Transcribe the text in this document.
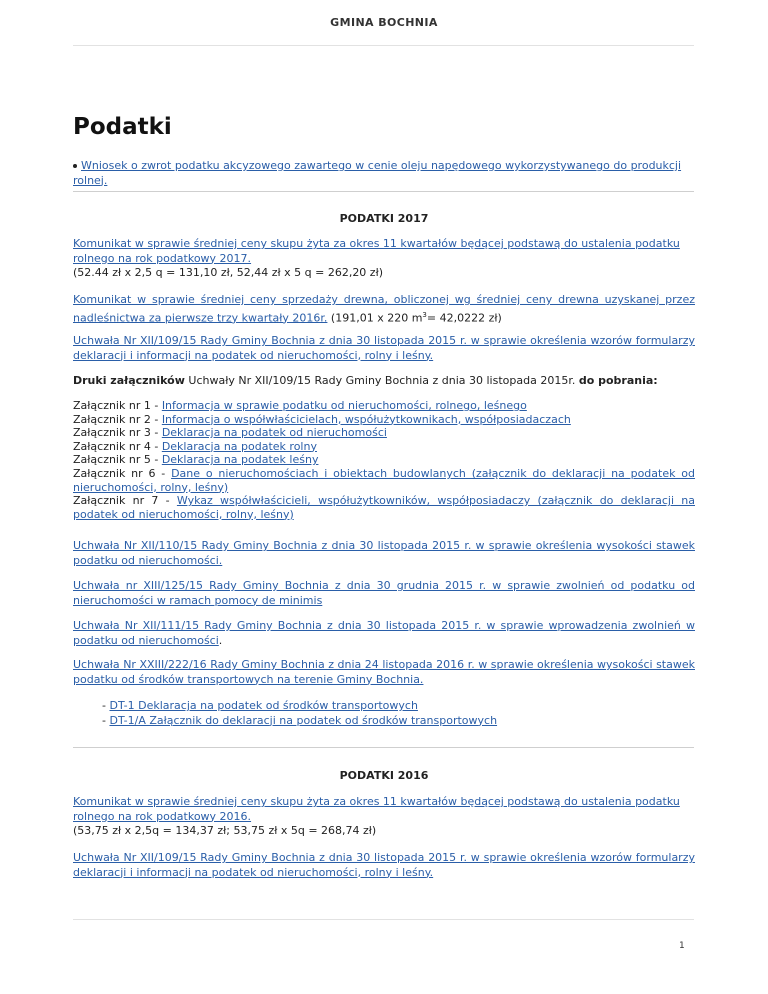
GMINA BOCHNIA
Podatki
Wniosek o zwrot podatku akcyzowego zawartego w cenie oleju napędowego wykorzystywanego do produkcji rolnej.
PODATKI 2017
Komunikat w sprawie średniej ceny skupu żyta za okres 11 kwartałów będącej podstawą do ustalenia podatku rolnego na rok podatkowy 2017.
(52.44 zł x 2,5 q = 131,10 zł, 52,44 zł x 5 q = 262,20 zł)
Komunikat w sprawie średniej ceny sprzedaży drewna, obliczonej wg średniej ceny drewna uzyskanej przez nadleśnictwa za pierwsze trzy kwartały 2016r. (191,01 x 220 $m^3= 42,0222$ zł)
Uchwała Nr XII/109/15 Rady Gminy Bochnia z dnia 30 listopada 2015 r. w sprawie określenia wzorów formularzy deklaracji i informacji na podatek od nieruchomości, rolny i leśny.
Druki załączników Uchwały Nr XII/109/15 Rady Gminy Bochnia z dnia 30 listopada 2015r. do pobrania:
Załącznik nr 1 - Informacja w sprawie podatku od nieruchomości, rolnego, leśnego
Załącznik nr 2 - Informacja o współwłaścicielach, współużytkownikach, współposiadaczach
Załącznik nr 3 - Deklaracja na podatek od nieruchomości
Załącznik nr 4 - Deklaracja na podatek rolny
Załącznik nr 5 - Deklaracja na podatek leśny
Załącznik nr 6 - Dane o nieruchomościach i obiektach budowlanych (załącznik do deklaracji na podatek od nieruchomości, rolny, leśny)
Załącznik nr 7 - Wykaz współwłaścicieli, współużytkowników, współposiadaczy (załącznik do deklaracji na podatek od nieruchomości, rolny, leśny)
Uchwała Nr XII/110/15 Rady Gminy Bochnia z dnia 30 listopada 2015 r. w sprawie określenia wysokości stawek podatku od nieruchomości.
Uchwała nr XIII/125/15 Rady Gminy Bochnia z dnia 30 grudnia 2015 r. w sprawie zwolnień od podatku od nieruchomości w ramach pomocy de minimis
Uchwała Nr XII/111/15 Rady Gminy Bochnia z dnia 30 listopada 2015 r. w sprawie wprowadzenia zwolnień w podatku od nieruchomości.
Uchwała Nr XXIII/222/16 Rady Gminy Bochnia z dnia 24 listopada 2016 r. w sprawie określenia wysokości stawek podatku od środków transportowych na terenie Gminy Bochnia.
- DT-1 Deklaracja na podatek od środków transportowych
- DT-1/A Załącznik do deklaracji na podatek od środków transportowych
PODATKI 2016
Komunikat w sprawie średniej ceny skupu żyta za okres 11 kwartałów będącej podstawą do ustalenia podatku rolnego na rok podatkowy 2016.
(53,75 zł x 2,5q = 134,37 zł; 53,75 zł x 5q = 268,74 zł)
Uchwała Nr XII/109/15 Rady Gminy Bochnia z dnia 30 listopada 2015 r. w sprawie określenia wzorów formularzy deklaracji i informacji na podatek od nieruchomości, rolny i leśny.
1
